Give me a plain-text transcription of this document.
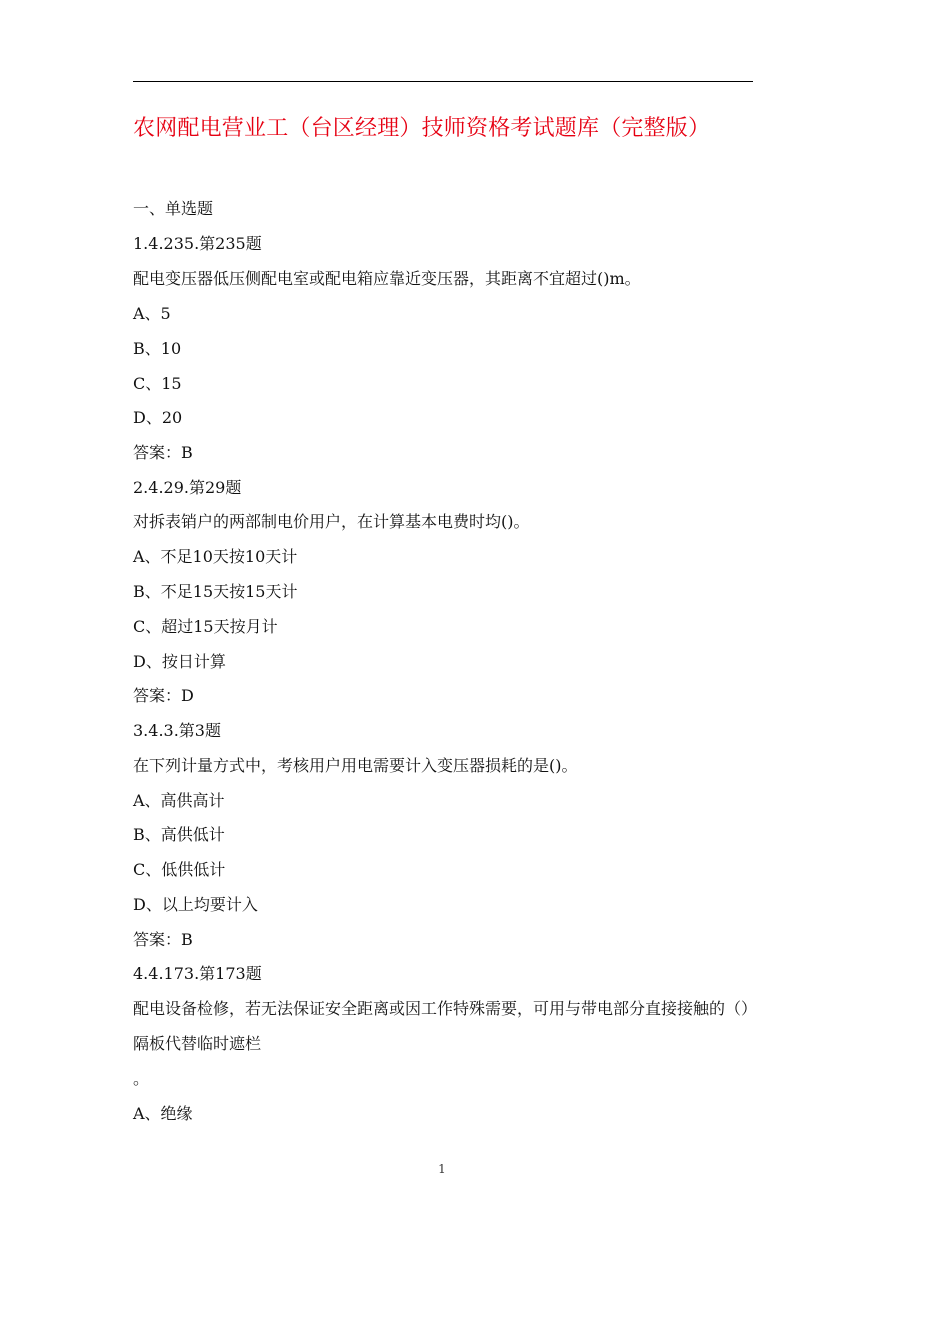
农网配电营业工（台区经理）技师资格考试题库（完整版）
一、单选题
1.4.235.第235题
配电变压器低压侧配电室或配电箱应靠近变压器，其距离不宜超过()m。
A、5
B、10
C、15
D、20
答案：B
2.4.29.第29题
对拆表销户的两部制电价用户，在计算基本电费时均()。
A、不足10天按10天计
B、不足15天按15天计
C、超过15天按月计
D、按日计算
答案：D
3.4.3.第3题
在下列计量方式中，考核用户用电需要计入变压器损耗的是()。
A、高供高计
B、高供低计
C、低供低计
D、以上均要计入
答案：B
4.4.173.第173题
配电设备检修，若无法保证安全距离或因工作特殊需要，可用与带电部分直接接触的（）隔板代替临时遮栏
。
A、绝缘
1
